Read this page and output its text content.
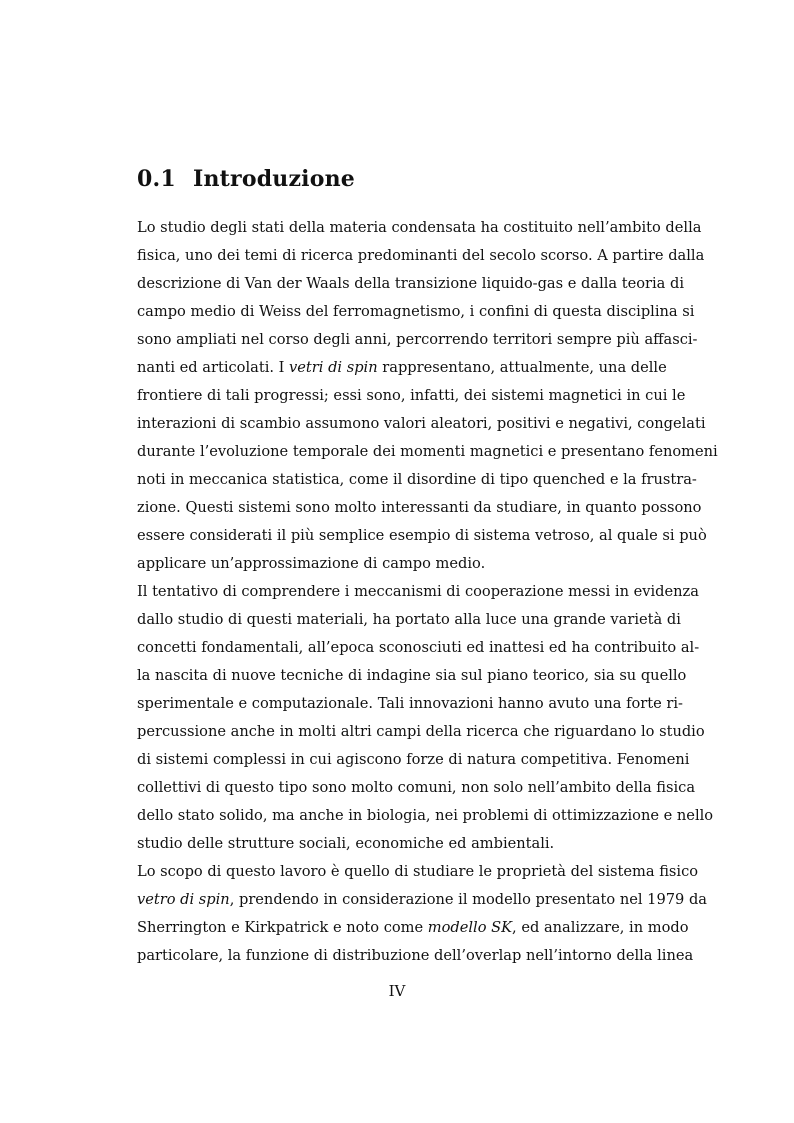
0.1 Introduzione
Lo studio degli stati della materia condensata ha costituito nell’ambito della
fisica, uno dei temi di ricerca predominanti del secolo scorso. A partire dalla
descrizione di Van der Waals della transizione liquido-gas e dalla teoria di
campo medio di Weiss del ferromagnetismo, i confini di questa disciplina si
sono ampliati nel corso degli anni, percorrendo territori sempre più affasci-
nanti ed articolati. I vetri di spin rappresentano, attualmente, una delle
frontiere di tali progressi; essi sono, infatti, dei sistemi magnetici in cui le
interazioni di scambio assumono valori aleatori, positivi e negativi, congelati
durante l’evoluzione temporale dei momenti magnetici e presentano fenomeni
noti in meccanica statistica, come il disordine di tipo quenched e la frustra-
zione. Questi sistemi sono molto interessanti da studiare, in quanto possono
essere considerati il più semplice esempio di sistema vetroso, al quale si può
applicare un’approssimazione di campo medio.
Il tentativo di comprendere i meccanismi di cooperazione messi in evidenza
dallo studio di questi materiali, ha portato alla luce una grande varietà di
concetti fondamentali, all’epoca sconosciuti ed inattesi ed ha contribuito al-
la nascita di nuove tecniche di indagine sia sul piano teorico, sia su quello
sperimentale e computazionale. Tali innovazioni hanno avuto una forte ri-
percussione anche in molti altri campi della ricerca che riguardano lo studio
di sistemi complessi in cui agiscono forze di natura competitiva. Fenomeni
collettivi di questo tipo sono molto comuni, non solo nell’ambito della fisica
dello stato solido, ma anche in biologia, nei problemi di ottimizzazione e nello
studio delle strutture sociali, economiche ed ambientali.
Lo scopo di questo lavoro è quello di studiare le proprietà del sistema fisico
vetro di spin, prendendo in considerazione il modello presentato nel 1979 da
Sherrington e Kirkpatrick e noto come modello SK, ed analizzare, in modo
particolare, la funzione di distribuzione dell’overlap nell’intorno della linea
IV
